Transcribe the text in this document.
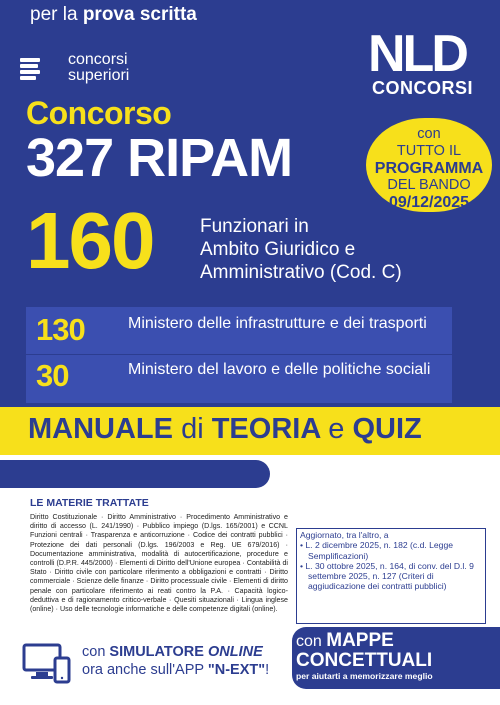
concorsi
superiori	NLD
CONCORSI
Concorso
327 RIPAM	con
TUTTO IL
PROGRAMMA
DEL BANDO
09/12/2025
160 Funzionari in
Ambito Giuridico e
Amministrativo (Cod. C)
130	Ministero delle infrastrutture e dei trasporti
30	Ministero del lavoro e delle politiche sociali
MANUALE di TEORIA e QUIZ
per la prova scritta
LE MATERIE TRATTATE
Diritto Costituzionale · Diritto Amministrativo · Procedimento Amministrativo e diritto di accesso (L. 241/1990) · Pubblico impiego (D.lgs. 165/2001) e CCNL Funzioni centrali · Trasparenza e anticorruzione · Codice dei contratti pubblici · Protezione dei dati personali (D.lgs. 196/2003 e Reg. UE 679/2016) · Documentazione amministrativa, modalità di autocertificazione, procedure e controlli (D.P.R. 445/2000) · Elementi di Diritto dell'Unione europea · Contabilità di Stato · Diritto civile con particolare riferimento a obbligazioni e contratti · Diritto commerciale · Scienze delle finanze · Diritto processuale civile · Elementi di diritto penale con particolare riferimento ai reati contro la P.A. · Capacità logico-deduttiva e di ragionamento critico-verbale · Quesiti situazionali · Lingua inglese (online) · Uso delle tecnologie informatiche e delle competenze digitali (online).
Aggiornato, tra l'altro, a
• L. 2 dicembre 2025, n. 182 (c.d. Legge Semplificazioni)
• L. 30 ottobre 2025, n. 164, di conv. del D.l. 9 settembre 2025, n. 127 (Criteri di aggiudicazione dei contratti pubblici)
con MAPPE
CONCETTUALI
per aiutarti a memorizzare meglio
con SIMULATORE ONLINE
ora anche sull'APP "N-EXT"!
